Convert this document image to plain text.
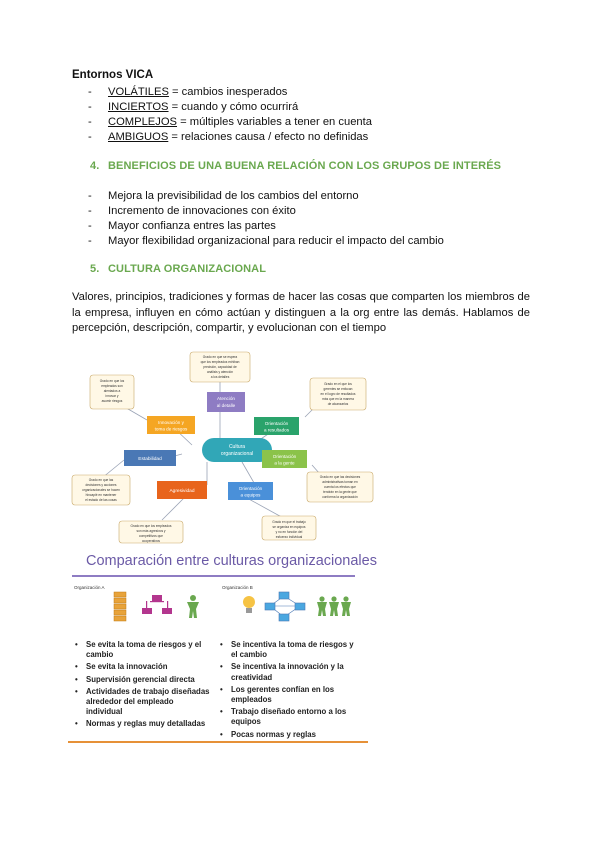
Entornos VICA
- VOLÁTILES = cambios inesperados
- INCIERTOS = cuando y cómo ocurrirá
- COMPLEJOS = múltiples variables a tener en cuenta
- AMBIGUOS = relaciones causa / efecto no definidas
4. BENEFICIOS DE UNA BUENA RELACIÓN CON LOS GRUPOS DE INTERÉS
- Mejora la previsibilidad de los cambios del entorno
- Incremento de innovaciones con éxito
- Mayor confianza entres las partes
- Mayor flexibilidad organizacional para reducir el impacto del cambio
5. CULTURA ORGANIZACIONAL
Valores, principios, tradiciones y formas de hacer las cosas que comparten los miembros de la empresa, influyen en cómo actúan y distinguen a la org entre las demás. Hablamos de percepción, descripción, compartir, y evolucionan con el tiempo
Cultura
organizacional
Atención
al detalle
Orientación
a resultados
Orientación
a la gente
Orientación
a equipos
Agresividad
Estabilidad
Innovación y
toma de riesgos
Grado en que se espera
que los empleados exhiban
precisión, capacidad de
análisis y atención
a los detalles
Grado en el que los
gerentes se enfocan
en el logro de resultados
más que en la manera
de alcanzarlos
Grado en que las decisiones
administrativas toman en
cuenta los efectos que
tendrán en la gente que
conforma la organización
Grado en que el trabajo
se organiza en equipos
y no en función del
esfuerzo individual
Grado en que los empleados
son más agresivos y
competitivos que
cooperativos
Grado en que las
decisiones y acciones
organizacionales se hacen
hincapié en mantener
el estado de las cosas
Grado en que los
empleados son
alentados a
innovar y
asumir riesgos
Comparación entre culturas organizacionales
Organización A	Organización B
• Se evita la toma de riesgos y el cambio
• Se evita la innovación
• Supervisión gerencial directa
• Actividades de trabajo diseñadas alrededor del empleado individual
• Normas y reglas muy detalladas
• Se incentiva la toma de riesgos y el cambio
• Se incentiva la innovación y la creatividad
• Los gerentes confían en los empleados
• Trabajo diseñado entorno a los equipos
• Pocas normas y reglas
